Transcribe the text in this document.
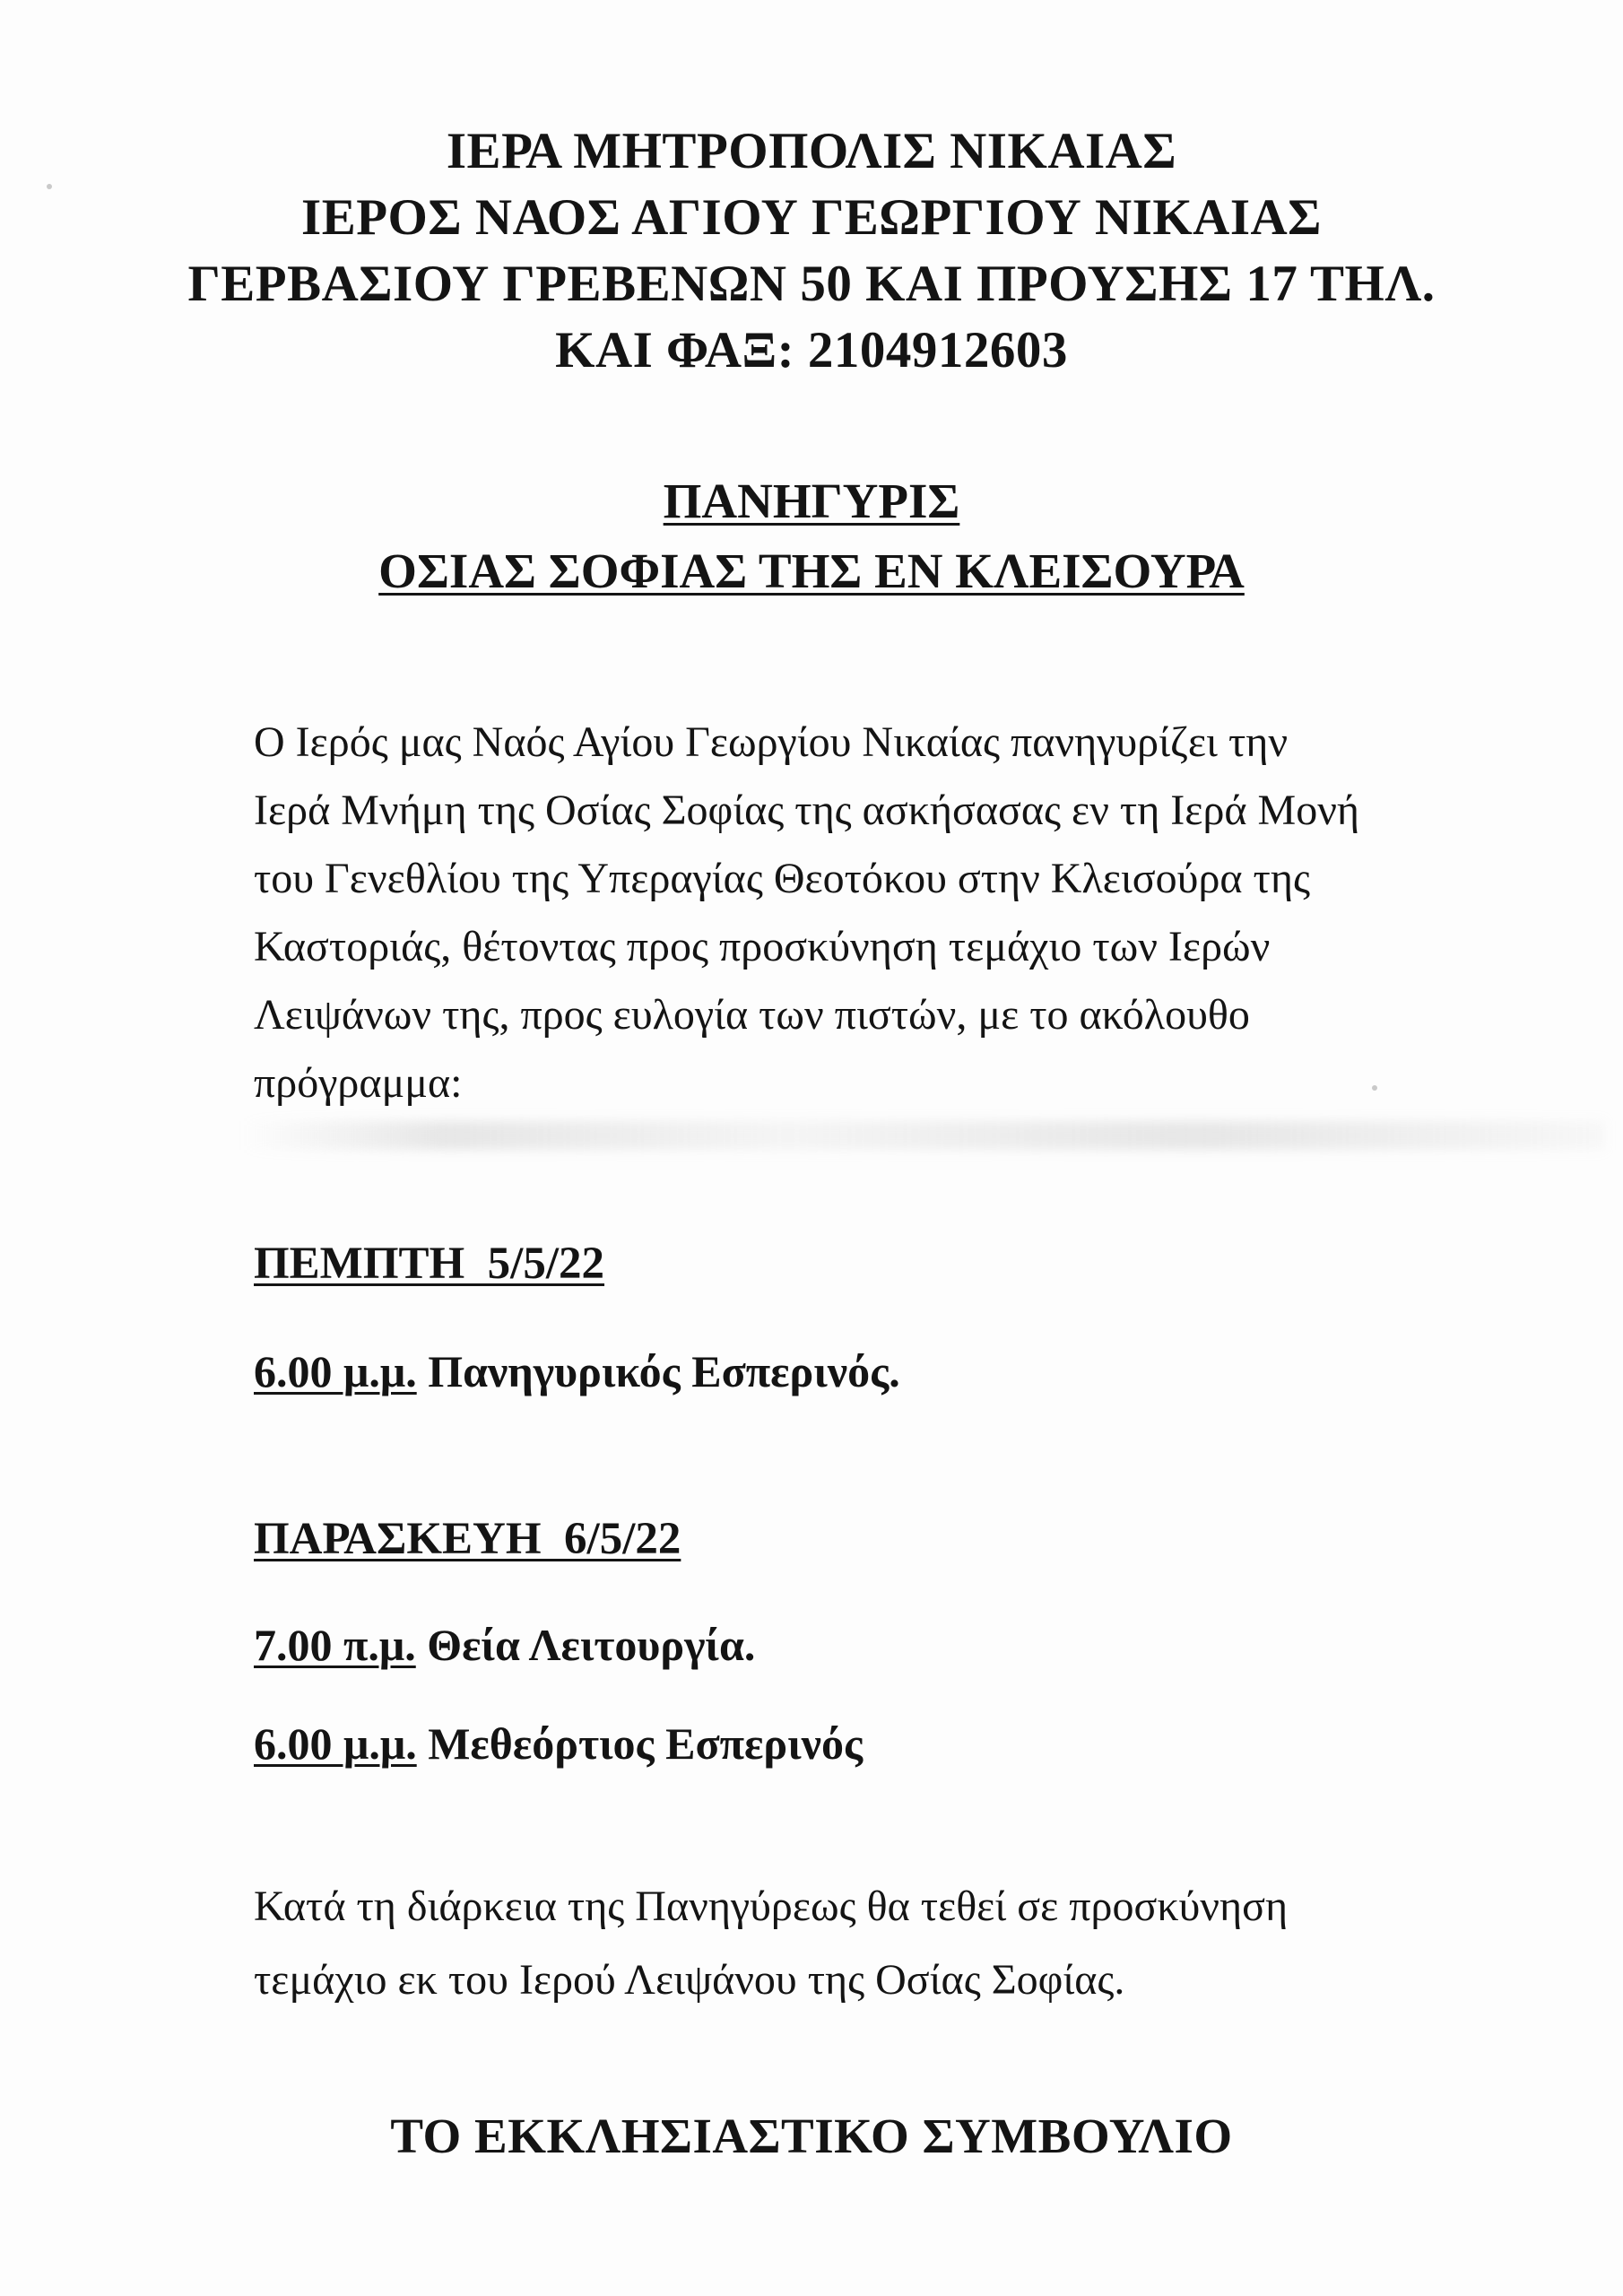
ΙΕΡΑ ΜΗΤΡΟΠΟΛΙΣ ΝΙΚΑΙΑΣ
ΙΕΡΟΣ ΝΑΟΣ ΑΓΙΟΥ ΓΕΩΡΓΙΟΥ ΝΙΚΑΙΑΣ
ΓΕΡΒΑΣΙΟΥ ΓΡΕΒΕΝΩΝ 50 ΚΑΙ ΠΡΟΥΣΗΣ 17 ΤΗΛ.
ΚΑΙ ΦΑΞ: 2104912603
ΠΑΝΗΓΥΡΙΣ
ΟΣΙΑΣ ΣΟΦΙΑΣ ΤΗΣ ΕΝ ΚΛΕΙΣΟΥΡΑ
Ο Ιερός μας Ναός Αγίου Γεωργίου Νικαίας πανηγυρίζει την
Ιερά Μνήμη της Οσίας Σοφίας της ασκήσασας εν τη Ιερά Μονή
του Γενεθλίου της Υπεραγίας Θεοτόκου στην Κλεισούρα της
Καστοριάς, θέτοντας προς προσκύνηση τεμάχιο των Ιερών
Λειψάνων της, προς ευλογία των πιστών, με το ακόλουθο
πρόγραμμα:
ΠΕΜΠΤΗ  5/5/22
6.00 μ.μ. Πανηγυρικός Εσπερινός.
ΠΑΡΑΣΚΕΥΗ  6/5/22
7.00 π.μ. Θεία Λειτουργία.
6.00 μ.μ. Μεθεόρτιος Εσπερινός
Κατά τη διάρκεια της Πανηγύρεως θα τεθεί σε προσκύνηση
τεμάχιο εκ του Ιερού Λειψάνου της Οσίας Σοφίας.
ΤΟ ΕΚΚΛΗΣΙΑΣΤΙΚΟ ΣΥΜΒΟΥΛΙΟ
